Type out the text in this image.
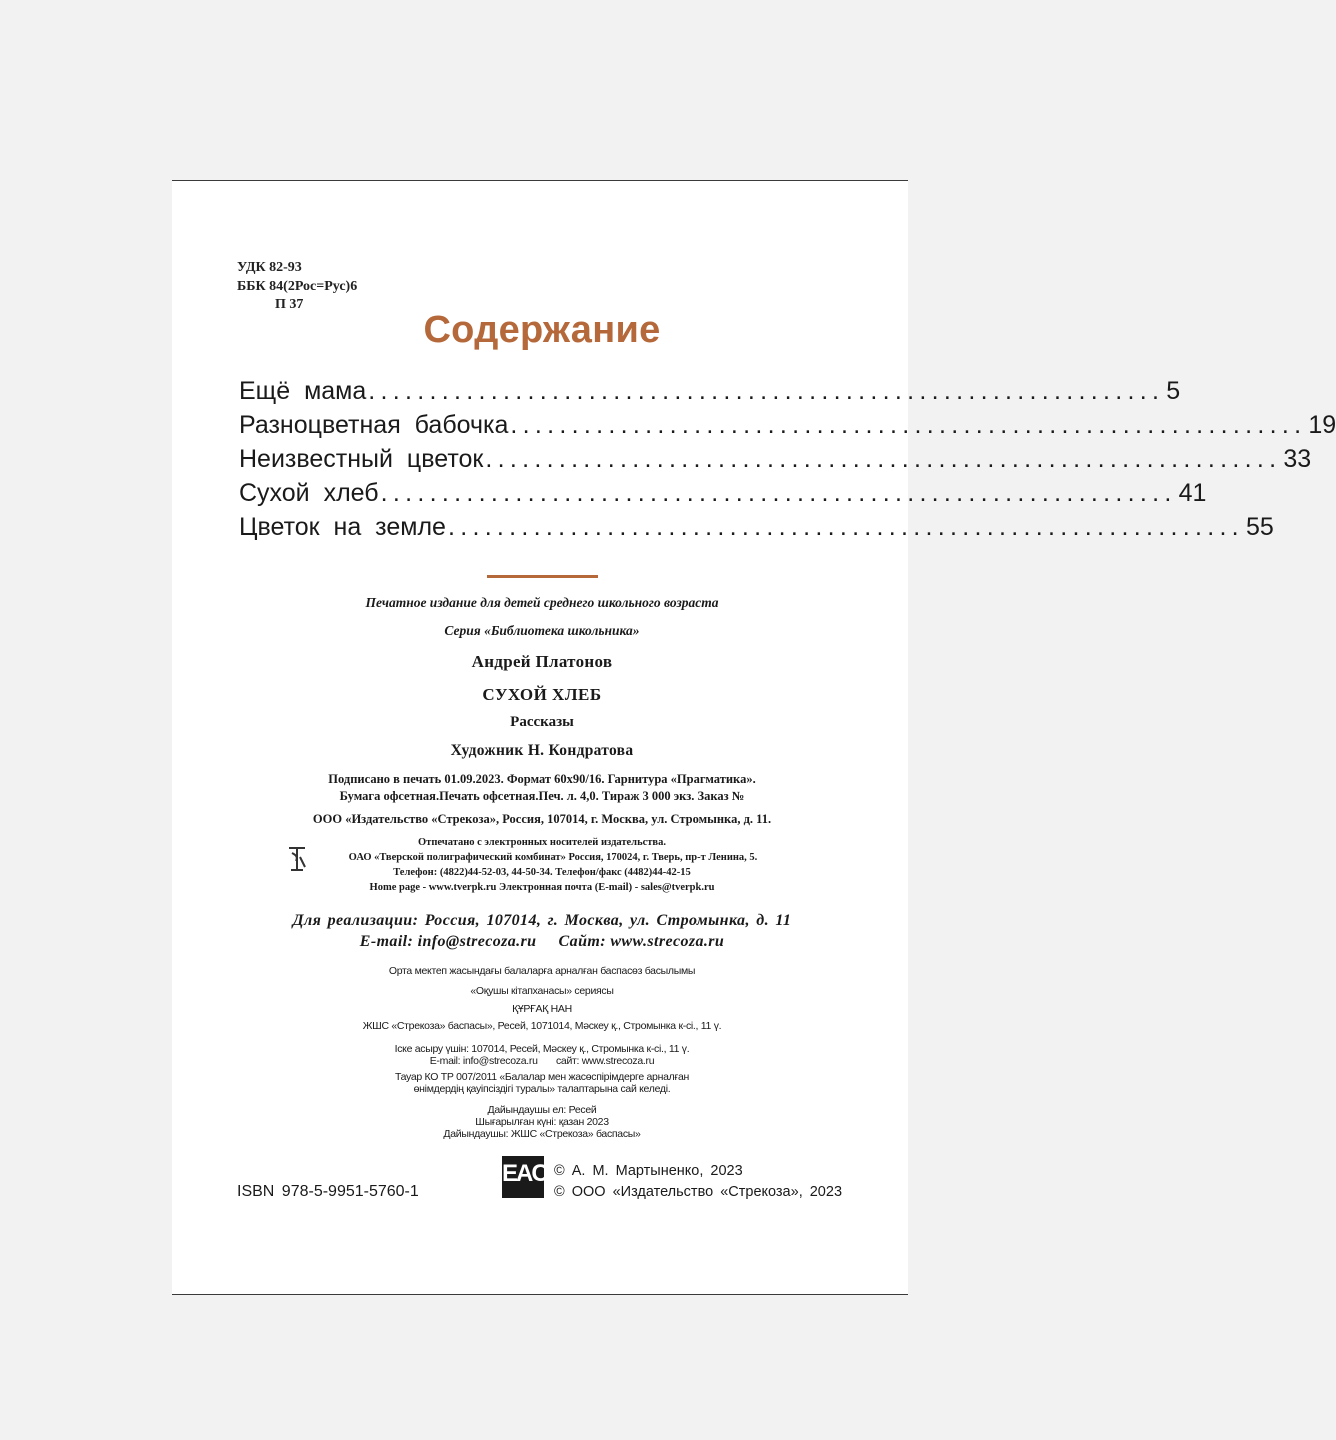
УДК 82-93
ББК 84(2Рос=Рус)6
П 37
Содержание
Ещё мама ................................................................. 5
Разноцветная бабочка ................................................................. 19
Неизвестный цветок ................................................................. 33
Сухой хлеб ................................................................. 41
Цветок на земле ................................................................. 55
Печатное издание для детей среднего школьного возраста
Серия «Библиотека школьника»
Андрей Платонов
СУХОЙ ХЛЕБ
Рассказы
Художник Н. Кондратова
Подписано в печать 01.09.2023. Формат 60х90/16. Гарнитура «Прагматика».
Бумага офсетная.Печать офсетная.Печ. л. 4,0. Тираж 3 000 экз. Заказ №
ООО «Издательство «Стрекоза», Россия, 107014, г. Москва, ул. Стромынка, д. 11.
Отпечатано с электронных носителей издательства.
ОАО «Тверской полиграфический комбинат» Россия, 170024, г. Тверь, пр-т Ленина, 5.
Телефон: (4822)44-52-03, 44-50-34. Телефон/факс (4482)44-42-15
Home page - www.tverpk.ru Электронная почта (E-mail) - sales@tverpk.ru
Для реализации: Россия, 107014, г. Москва, ул. Стромынка, д. 11
E-mail: info@strecoza.ru     Сайт: www.strecoza.ru
Орта мектеп жасындағы балаларға арналған баспасөз басылымы
«Оқушы кітапханасы» сериясы
ҚҰРҒАҚ НАН
ЖШС «Стрекоза» баспасы», Ресей, 1071014, Мәскеу қ., Стромынка к-сі., 11 ү.
Іске асыру үшін: 107014, Ресей, Мәскеу қ., Стромынка к-сі., 11 ү.
E-mail: info@strecoza.ru       сайт: www.strecoza.ru
Тауар КО ТР 007/2011 «Балалар мен жасөспірімдерге арналған
өнімдердің қауіпсіздігі туралы» талаптарына сай келеді.
Дайындаушы ел: Ресей
Шығарылған күні: қазан 2023
Дайындаушы: ЖШС «Стрекоза» баспасы»
ISBN 978-5-9951-5760-1
EAC © А. М. Мартыненко, 2023
© ООО «Издательство «Стрекоза», 2023
